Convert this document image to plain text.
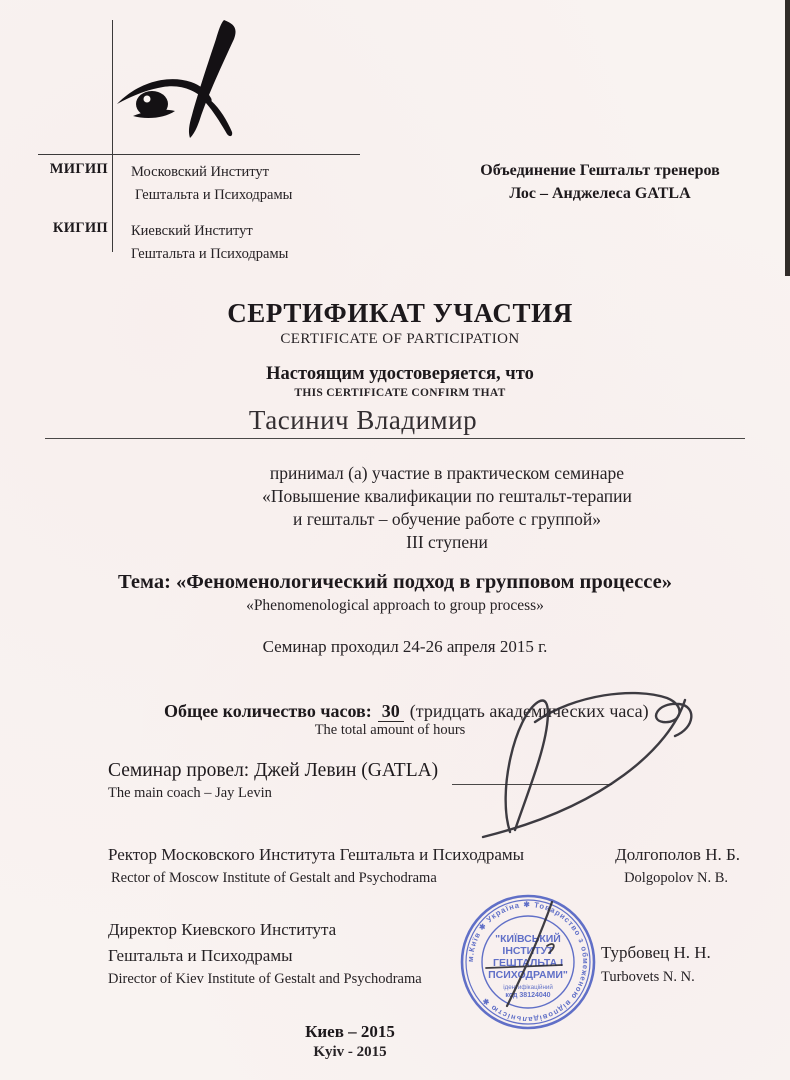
МИГИП	Московский Институт
Гештальта и Психодрамы
КИГИП	Киевский Институт
Гештальта и Психодрамы
Объединение Гештальт тренеров
Лос – Анджелеса GATLA
СЕРТИФИКАТ УЧАСТИЯ
CERTIFICATE OF PARTICIPATION
Настоящим удостоверяется, что
THIS CERTIFICATE CONFIRM THAT
Тасинич Владимир
принимал (а) участие в практическом семинаре
«Повышение квалификации по гештальт-терапии
и гештальт – обучение работе с группой»
III ступени
Тема: «Феноменологический подход в групповом процессе»
«Phenomenological approach to group process»
Семинар проходил 24-26 апреля 2015 г.
Общее количество часов: 30 (тридцать академических часа)
The total amount of hours
Семинар провел: Джей Левин (GATLA)
The main coach – Jay Levin
Ректор Московского Института Гештальта и Психодрамы	Долгополов Н. Б.
Rector of Moscow Institute of Gestalt and Psychodrama	Dolgopolov N. B.
Директор Киевского Института
Гештальта и Психодрамы
Director of Kiev Institute of Gestalt and Psychodrama
Турбовец Н. Н.
Turbovets N. N.
м.Київ ✱ Україна ✱ Товариство з обмеженою відповідальністю ✱
"КИЇВСЬКИЙ
ІНСТИТУТ
ГЕШТАЛЬТА І
ПСИХОДРАМИ"
ідентифікаційний
код 38124040
Киев – 2015
Kyiv - 2015
